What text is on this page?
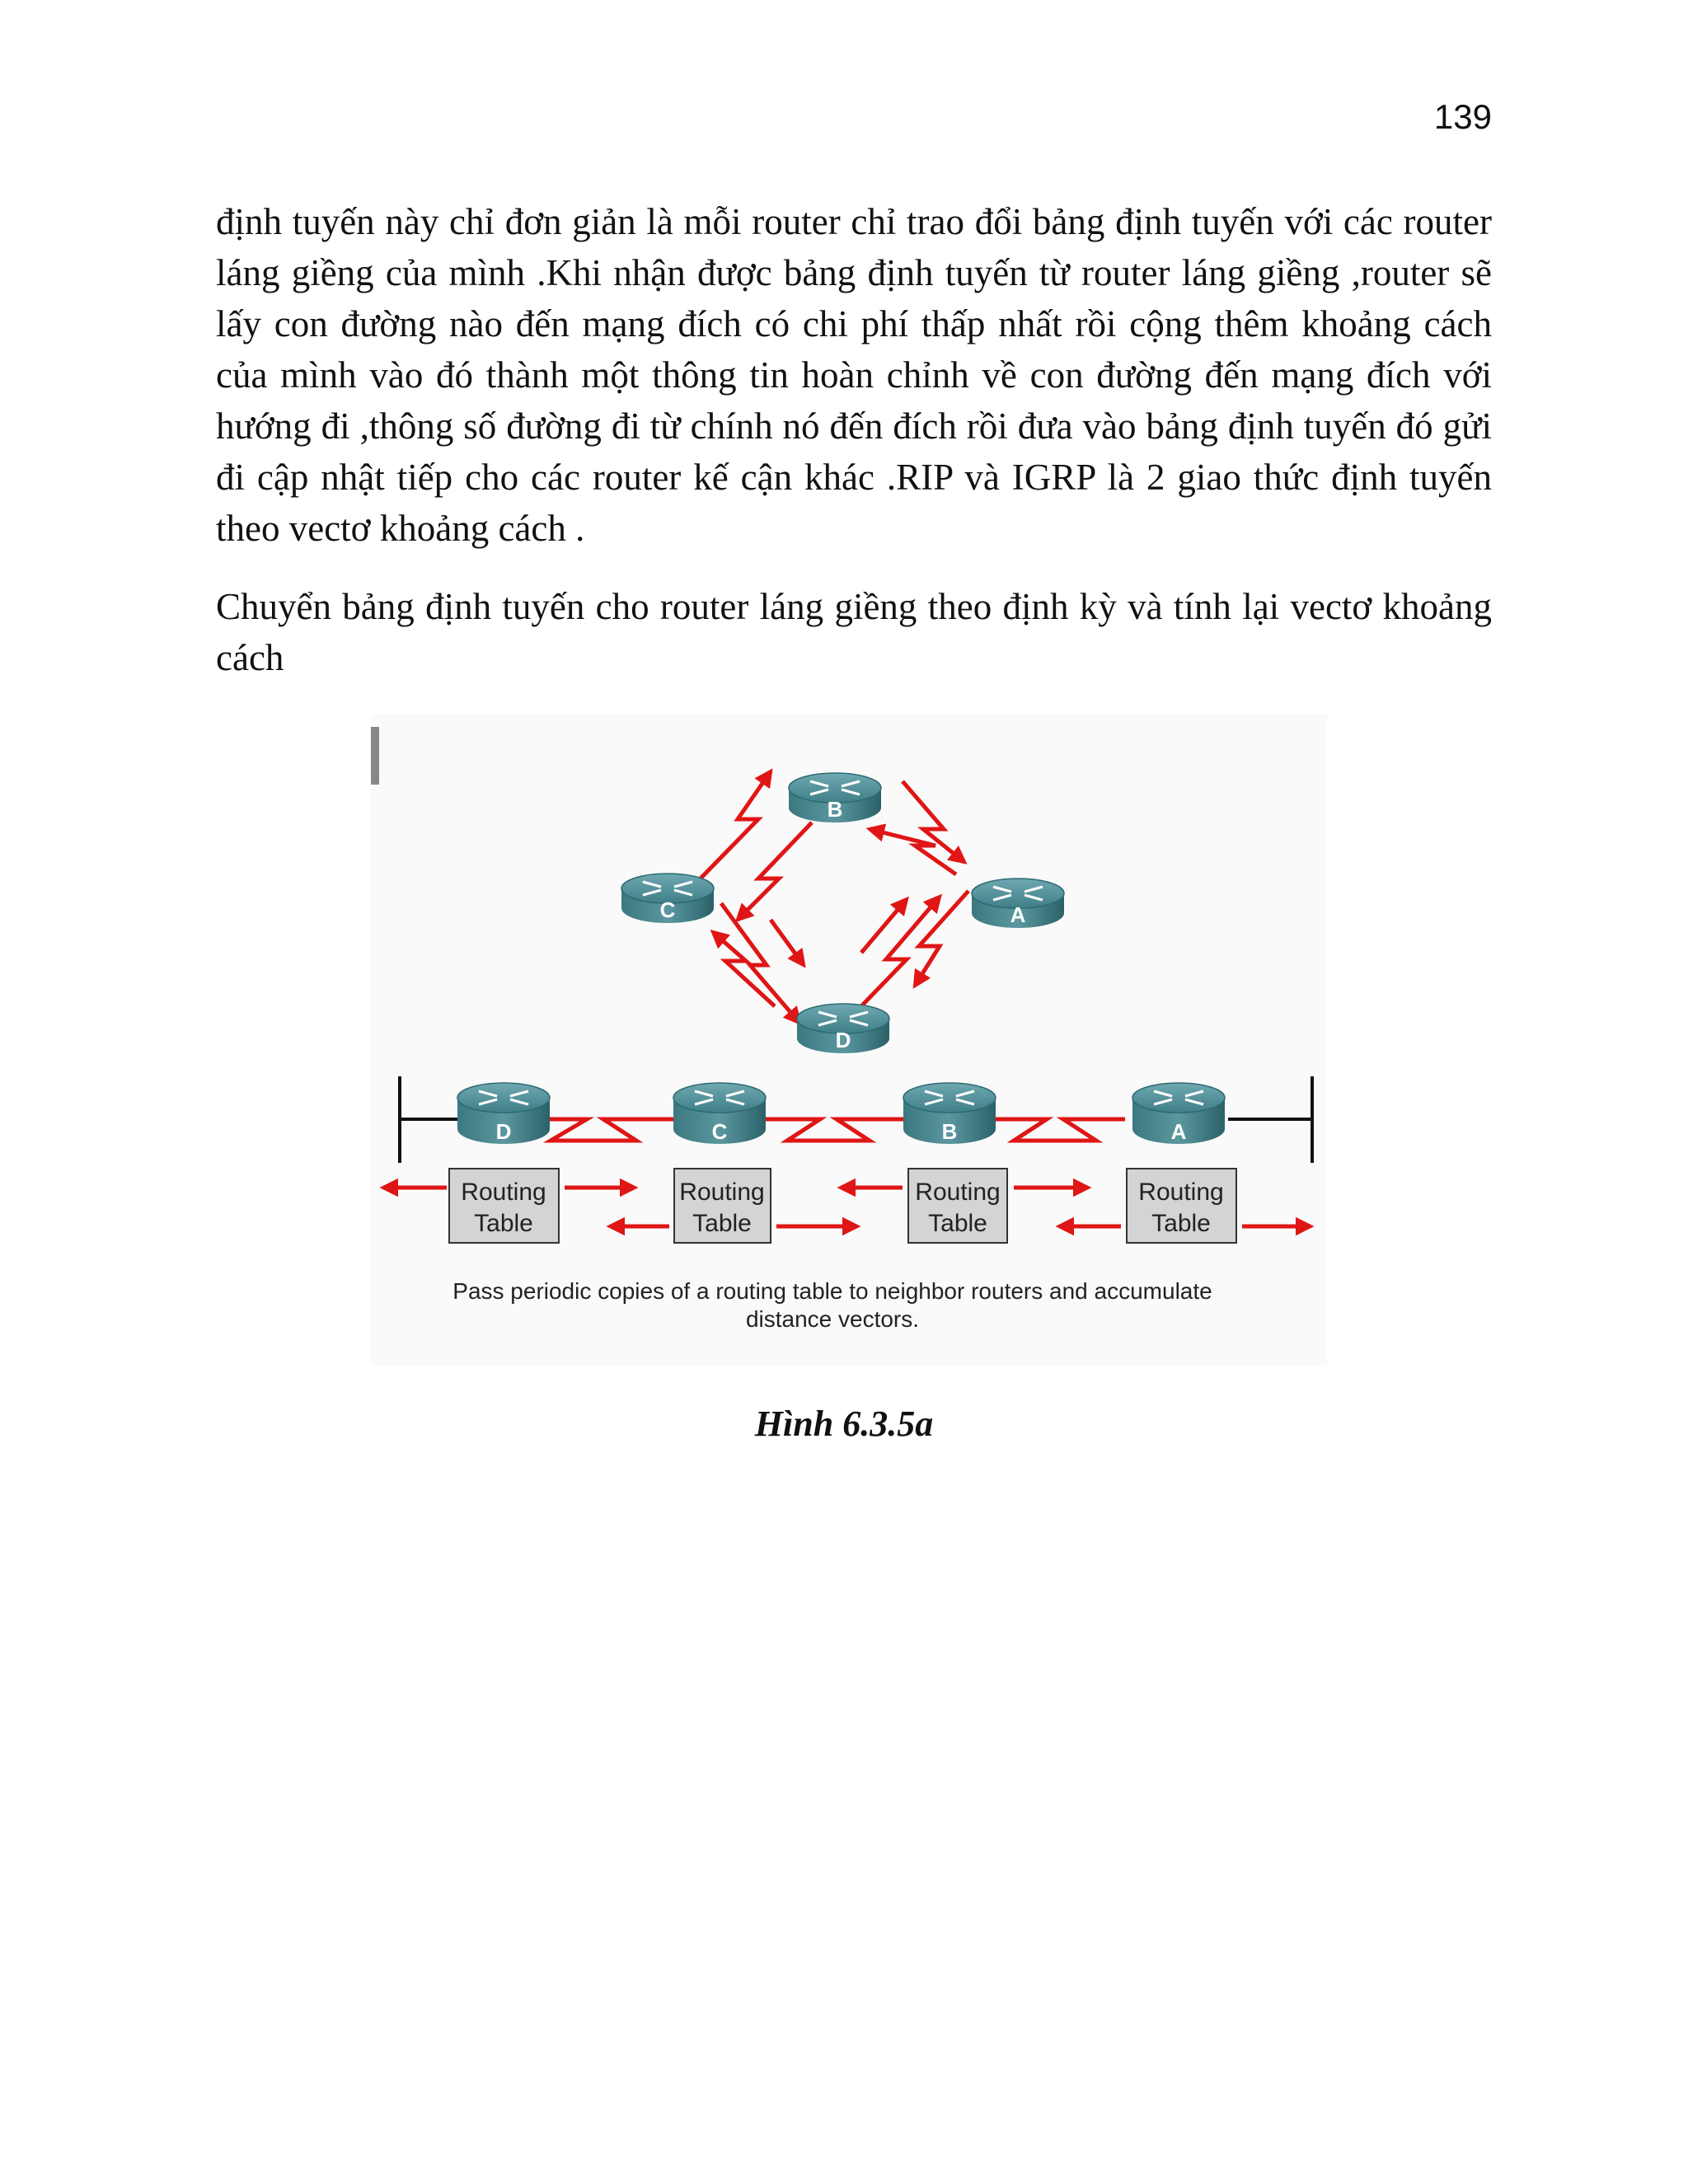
139

định tuyến này chỉ đơn giản là mỗi router chỉ trao đổi bảng định tuyến với các router láng giềng của mình .Khi nhận được bảng định tuyến từ router láng giềng ,router sẽ lấy con đường nào đến mạng đích có chi phí thấp nhất rồi cộng thêm khoảng cách của mình vào đó thành một thông tin hoàn chỉnh về con đường đến mạng đích với hướng đi ,thông số đường đi từ chính nó đến đích rồi đưa vào bảng định tuyến đó gửi đi cập nhật tiếp cho các router kế cận khác .RIP và IGRP là 2 giao thức định tuyến theo vectơ khoảng cách .

Chuyển bảng định tuyến cho router láng giềng theo định kỳ và tính lại vectơ khoảng cách

B
C	A
D
D	C	B	A
Routing
Table
Routing
Table
Routing
Table
Routing
Table
Pass periodic copies of a routing table to neighbor routers and accumulate
distance vectors.
Hình 6.3.5a
